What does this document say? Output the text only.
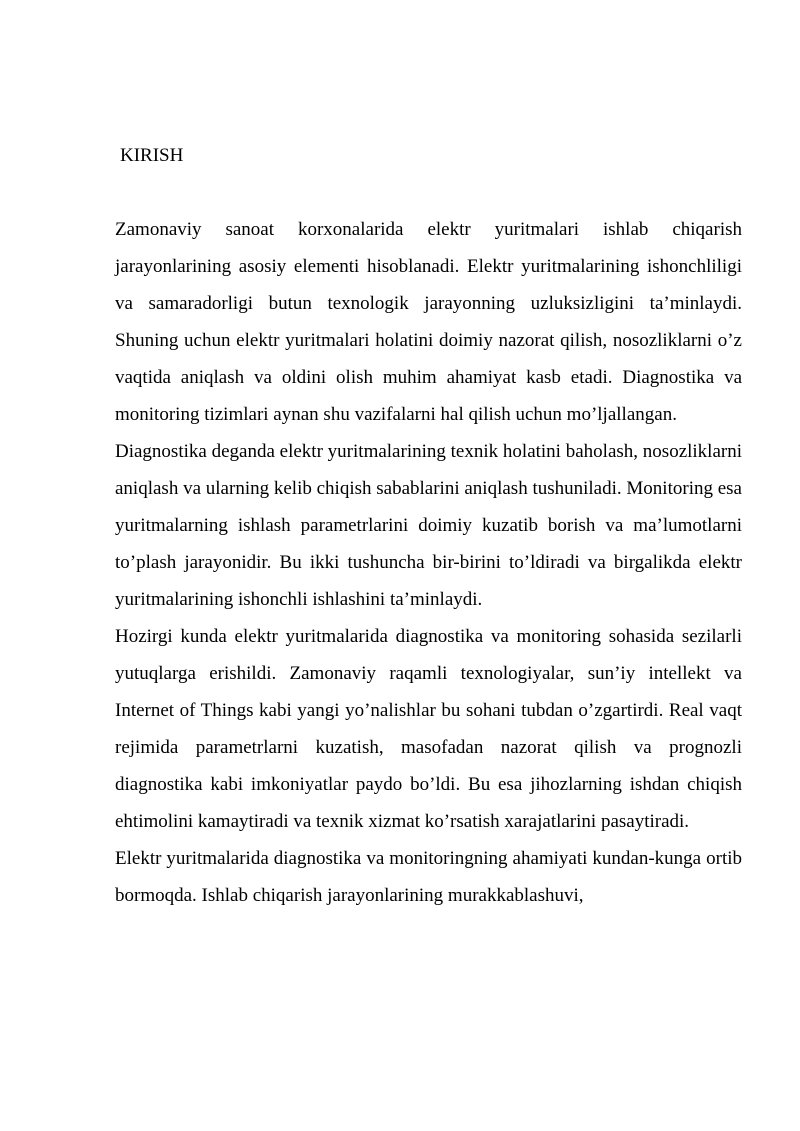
KIRISH

Zamonaviy sanoat korxonalarida elektr yuritmalari ishlab chiqarish jarayonlarining asosiy elementi hisoblanadi. Elektr yuritmalarining ishonchliligi va samaradorligi butun texnologik jarayonning uzluksizligini ta’minlaydi. Shuning uchun elektr yuritmalari holatini doimiy nazorat qilish, nosozliklarni o’z vaqtida aniqlash va oldini olish muhim ahamiyat kasb etadi. Diagnostika va monitoring tizimlari aynan shu vazifalarni hal qilish uchun mo’ljallangan.

Diagnostika deganda elektr yuritmalarining texnik holatini baholash, nosozliklarni aniqlash va ularning kelib chiqish sabablarini aniqlash tushuniladi. Monitoring esa yuritmalarning ishlash parametrlarini doimiy kuzatib borish va ma’lumotlarni to’plash jarayonidir. Bu ikki tushuncha bir-birini to’ldiradi va birgalikda elektr yuritmalarining ishonchli ishlashini ta’minlaydi.

Hozirgi kunda elektr yuritmalarida diagnostika va monitoring sohasida sezilarli yutuqlarga erishildi. Zamonaviy raqamli texnologiyalar, sun’iy intellekt va Internet of Things kabi yangi yo’nalishlar bu sohani tubdan o’zgartirdi. Real vaqt rejimida parametrlarni kuzatish, masofadan nazorat qilish va prognozli diagnostika kabi imkoniyatlar paydo bo’ldi. Bu esa jihozlarning ishdan chiqish ehtimolini kamaytiradi va texnik xizmat ko’rsatish xarajatlarini pasaytiradi.

Elektr yuritmalarida diagnostika va monitoringning ahamiyati kundan-kunga ortib bormoqda. Ishlab chiqarish jarayonlarining murakkablashuvi,
